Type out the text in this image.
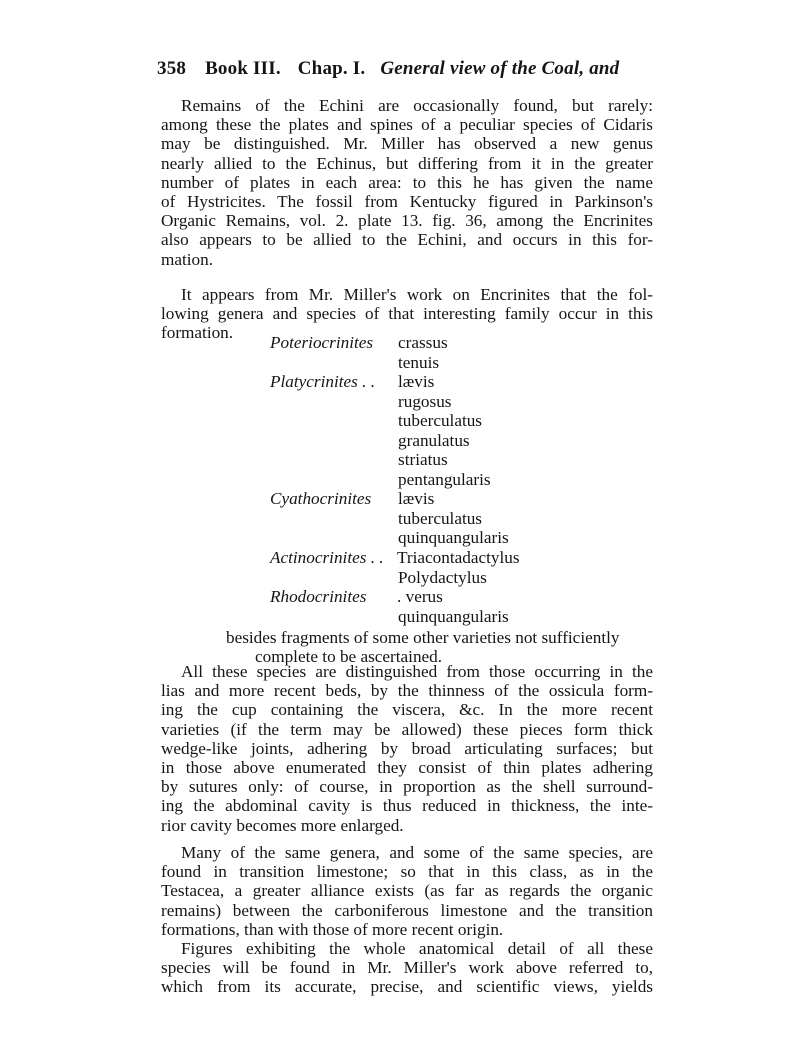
358 Book III. Chap. I. General view of the Coal, and
Remains of the Echini are occasionally found, but rarely:
among these the plates and spines of a peculiar species of Cidaris
may be distinguished. Mr. Miller has observed a new genus
nearly allied to the Echinus, but differing from it in the greater
number of plates in each area: to this he has given the name
of Hystricites. The fossil from Kentucky figured in Parkinson's
Organic Remains, vol. 2. plate 13. fig. 36, among the Encrinites
also appears to be allied to the Echini, and occurs in this for-
mation.
It appears from Mr. Miller's work on Encrinites that the fol-
lowing genera and species of that interesting family occur in this
formation.
Poteriocrinites crassus
tenuis
Platycrinites . . lævis
rugosus
tuberculatus
granulatus
striatus
pentangularis
Cyathocrinites lævis
tuberculatus
quinquangularis
Actinocrinites . . Triacontadactylus
Polydactylus
Rhodocrinites . verus
quinquangularis
besides fragments of some other varieties not sufficiently
complete to be ascertained.
All these species are distinguished from those occurring in the
lias and more recent beds, by the thinness of the ossicula form-
ing the cup containing the viscera, &c. In the more recent
varieties (if the term may be allowed) these pieces form thick
wedge-like joints, adhering by broad articulating surfaces; but
in those above enumerated they consist of thin plates adhering
by sutures only: of course, in proportion as the shell surround-
ing the abdominal cavity is thus reduced in thickness, the inte-
rior cavity becomes more enlarged.
Many of the same genera, and some of the same species, are
found in transition limestone; so that in this class, as in the
Testacea, a greater alliance exists (as far as regards the organic
remains) between the carboniferous limestone and the transition
formations, than with those of more recent origin.
Figures exhibiting the whole anatomical detail of all these
species will be found in Mr. Miller's work above referred to,
which from its accurate, precise, and scientific views, yields
